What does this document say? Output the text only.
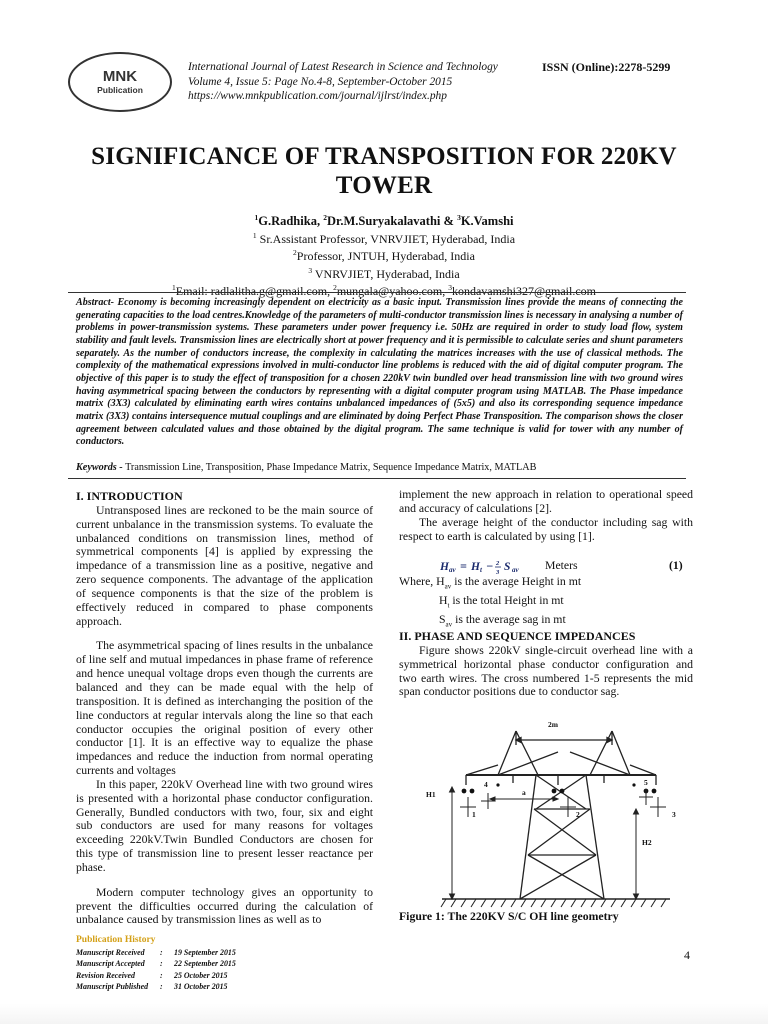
MNK
Publication
International Journal of Latest Research in Science and Technology
Volume 4, Issue 5: Page No.4-8, September-October 2015
https://www.mnkpublication.com/journal/ijlrst/index.php
ISSN (Online):2278-5299
SIGNIFICANCE OF TRANSPOSITION FOR 220KV
TOWER
$^1$G.Radhika, $^2$Dr.M.Suryakalavathi & $^3$K.Vamshi
$^1$ Sr.Assistant Professor, VNRVJIET, Hyderabad, India
$^2$Professor, JNTUH, Hyderabad, India
$^3$ VNRVJIET, Hyderabad, India
$^1$Email: radlalitha.g@gmail.com, $^2$mungala@yahoo.com, $^3$kondavamshi327@gmail.com
Abstract- Economy is becoming increasingly dependent on electricity as a basic input. Transmission lines provide the means of connecting the generating capacities to the load centres.Knowledge of the parameters of multi-conductor transmission lines is necessary in analysing a number of problems in power-transmission systems. These parameters under power frequency i.e. 50Hz are required in order to study load flow, system stability and fault levels. Transmission lines are electrically short at power frequency and it is permissible to calculate series and shunt parameters separately. As the number of conductors increase, the complexity in calculating the matrices increases with the use of classical methods. The complexity of the mathematical expressions involved in multi-conductor line problems is reduced with the aid of digital computer program. The objective of this paper is to study the effect of transposition for a chosen 220kV twin bundled over head transmission line with two ground wires having asymmetrical spacing between the conductors by representing with a digital computer program using MATLAB. The Phase impedance matrix (3X3) calculated by eliminating earth wires contains unbalanced impedances of (5x5) and also its corresponding sequence impedance matrix (3X3) contains intersequence mutual couplings and are eliminated by doing Perfect Phase Transposition. The comparison shows the closer agreement between calculated values and those obtained by the digital program. The same technique is valid for tower with any number of conductors.
Keywords - Transmission Line, Transposition, Phase Impedance Matrix, Sequence Impedance Matrix, MATLAB
I. INTRODUCTION

Untransposed lines are reckoned to be the main source of current unbalance in the transmission systems. To evaluate the unbalanced conditions on transmission lines, method of symmetrical components [4] is applied by expressing the impedance of a transmission line as a positive, negative and zero sequence components. The advantage of the application of sequence components is that the size of the problem is effectively reduced in compared to phase components approach.

The asymmetrical spacing of lines results in the unbalance of line self and mutual impedances in phase frame of reference and hence unequal voltage drops even though the currents are balanced and they can be made equal with the help of transposition. It is defined as interchanging the position of the line conductors at regular intervals along the line so that each conductor occupies the original position of every other conductor [1]. It is an effective way to equalize the phase impedances and reduce the induction from normal operating currents and voltages

In this paper, 220kV Overhead line with two ground wires is presented with a horizontal phase conductor configuration. Generally, Bundled conductors with two, four, six and eight sub conductors are used for many reasons for voltages exceeding 220kV.Twin Bundled Conductors are chosen for this type of transmission line to present lesser reactance per phase.

Modern computer technology gives an opportunity to prevent the difficulties occurred during the calculation of unbalance caused by transmission lines as well as to

implement the new approach in relation to operational speed and accuracy of calculations [2].

The average height of the conductor including sag with respect to earth is calculated by using [1].

H av = H t − 2
3 S av Meters	(1)
Where, $H_{av}$ is the average Height in mt
$H_t$ is the total Height in mt
$S_{av}$ is the average sag in mt
II. PHASE AND SEQUENCE IMPEDANCES

Figure shows 220kV single-circuit overhead line with a symmetrical horizontal phase conductor configuration and two earth wires. The cross numbered 1-5 represents the mid span conductor positions due to conductor sag.

2m
H1
H2
a
1	2	3
4	5
Figure 1: The 220KV S/C OH line geometry
Publication History
Manuscript Received	:	19 September 2015
Manuscript Accepted	:	22 September 2015
Revision Received	:	25 October 2015
Manuscript Published	:	31 October 2015
4
